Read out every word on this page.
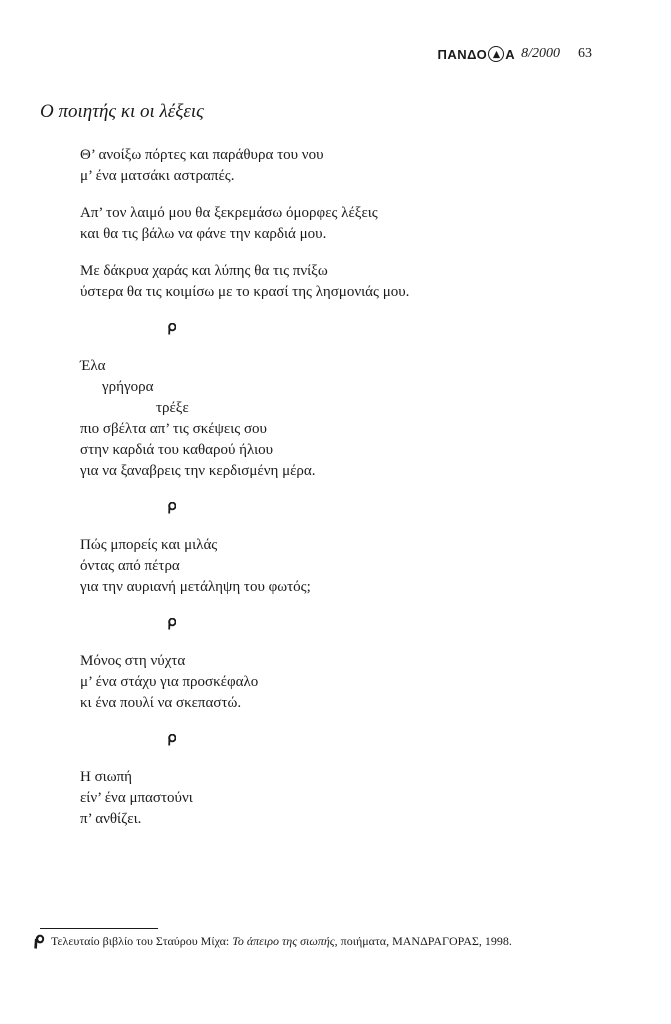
ΠΑΝΔΟ Α 8/2000 63
Ο ποιητής κι οι λέξεις
Θ’ ανοίξω πόρτες και παράθυρα του νου
μ’ ένα ματσάκι αστραπές.
Απ’ τον λαιμό μου θα ξεκρεμάσω όμορφες λέξεις
και θα τις βάλω να φάνε την καρδιά μου.
Με δάκρυα χαράς και λύπης θα τις πνίξω
ύστερα θα τις κοιμίσω με το κρασί της λησμονιάς μου.
Έλα
γρήγορα
τρέξε
πιο σβέλτα απ’ τις σκέψεις σου
στην καρδιά του καθαρού ήλιου
για να ξαναβρεις την κερδισμένη μέρα.
Πώς μπορείς και μιλάς
όντας από πέτρα
για την αυριανή μετάληψη του φωτός;
Μόνος στη νύχτα
μ’ ένα στάχυ για προσκέφαλο
κι ένα πουλί να σκεπαστώ.
Η σιωπή
είν’ ένα μπαστούνι
π’ ανθίζει.
Τελευταίο βιβλίο του Σταύρου Μίχα: Το άπειρο της σιωπής, ποιήματα, ΜΑΝΔΡΑΓΟΡΑΣ, 1998.
